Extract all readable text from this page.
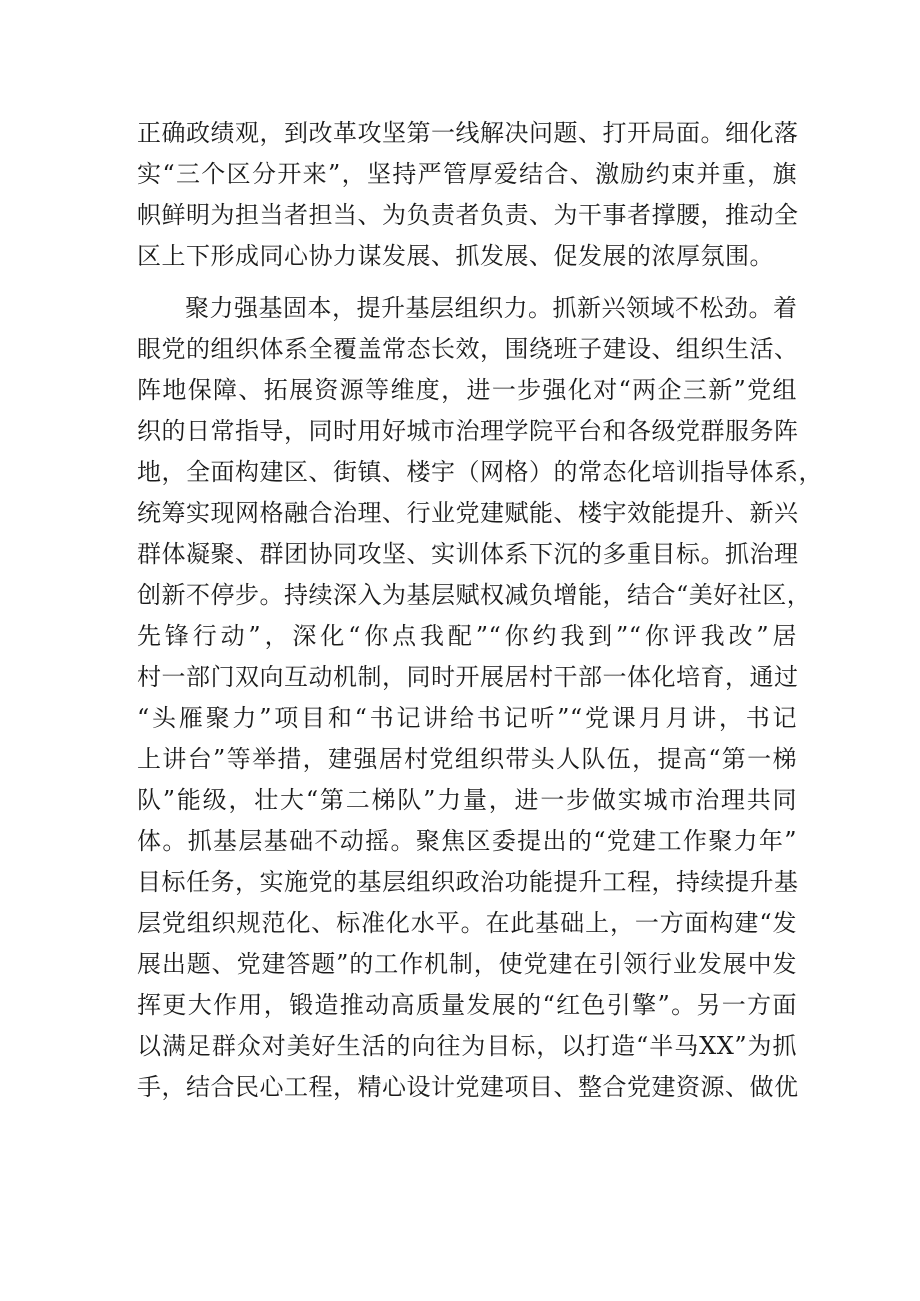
正确政绩观，到改革攻坚第一线解决问题、打开局面。细化落
实“三个区分开来”，坚持严管厚爱结合、激励约束并重，旗
帜鲜明为担当者担当、为负责者负责、为干事者撑腰，推动全
区上下形成同心协力谋发展、抓发展、促发展的浓厚氛围。
聚力强基固本，提升基层组织力。抓新兴领域不松劲。着
眼党的组织体系全覆盖常态长效，围绕班子建设、组织生活、
阵地保障、拓展资源等维度，进一步强化对“两企三新”党组
织的日常指导，同时用好城市治理学院平台和各级党群服务阵
地，全面构建区、街镇、楼宇（网格）的常态化培训指导体系，
统筹实现网格融合治理、行业党建赋能、楼宇效能提升、新兴
群体凝聚、群团协同攻坚、实训体系下沉的多重目标。抓治理
创新不停步。持续深入为基层赋权减负增能，结合“美好社区，
先锋行动”，深化“你点我配”“你约我到”“你评我改”居
村一部门双向互动机制，同时开展居村干部一体化培育，通过
“头雁聚力”项目和“书记讲给书记听”“党课月月讲，书记
上讲台”等举措，建强居村党组织带头人队伍，提高“第一梯
队”能级，壮大“第二梯队”力量，进一步做实城市治理共同
体。抓基层基础不动摇。聚焦区委提出的“党建工作聚力年”
目标任务，实施党的基层组织政治功能提升工程，持续提升基
层党组织规范化、标准化水平。在此基础上，一方面构建“发
展出题、党建答题”的工作机制，使党建在引领行业发展中发
挥更大作用，锻造推动高质量发展的“红色引擎”。另一方面
以满足群众对美好生活的向往为目标，以打造“半马XX”为抓
手，结合民心工程，精心设计党建项目、整合党建资源、做优
